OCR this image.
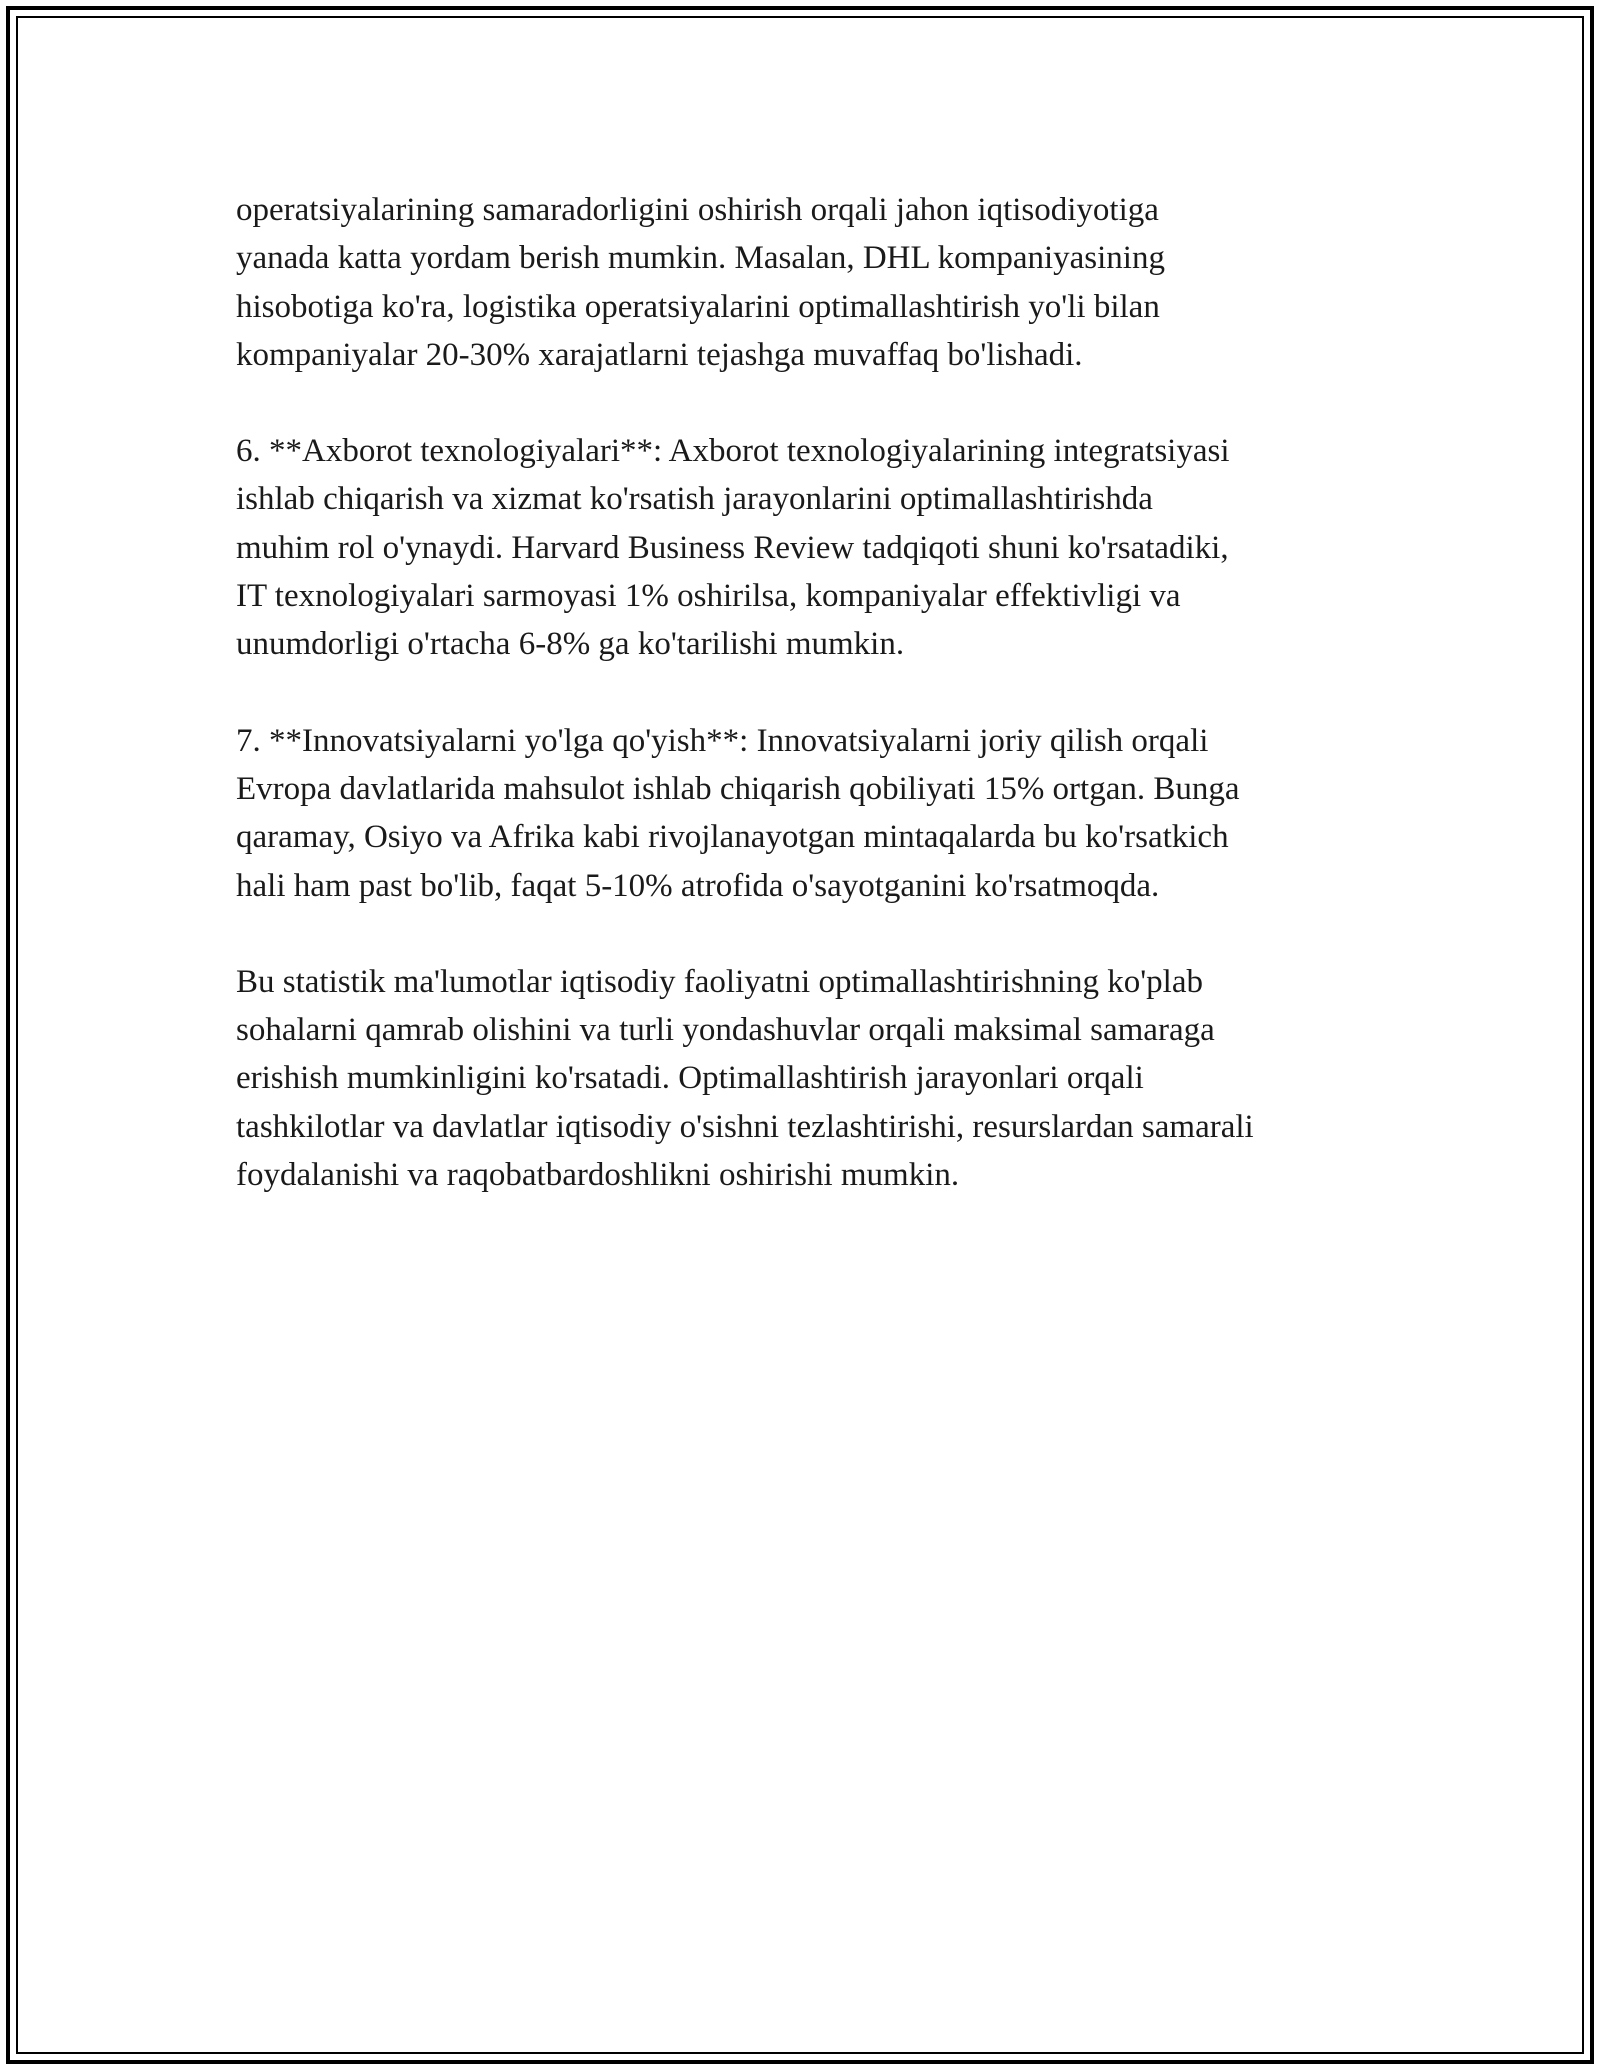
operatsiyalarining samaradorligini oshirish orqali jahon iqtisodiyotiga
yanada katta yordam berish mumkin. Masalan, DHL kompaniyasining
hisobotiga ko'ra, logistika operatsiyalarini optimallashtirish yo'li bilan
kompaniyalar 20-30% xarajatlarni tejashga muvaffaq bo'lishadi.

6. **Axborot texnologiyalari**: Axborot texnologiyalarining integratsiyasi
ishlab chiqarish va xizmat ko'rsatish jarayonlarini optimallashtirishda
muhim rol o'ynaydi. Harvard Business Review tadqiqoti shuni ko'rsatadiki,
IT texnologiyalari sarmoyasi 1% oshirilsa, kompaniyalar effektivligi va
unumdorligi o'rtacha 6-8% ga ko'tarilishi mumkin.

7. **Innovatsiyalarni yo'lga qo'yish**: Innovatsiyalarni joriy qilish orqali
Evropa davlatlarida mahsulot ishlab chiqarish qobiliyati 15% ortgan. Bunga
qaramay, Osiyo va Afrika kabi rivojlanayotgan mintaqalarda bu ko'rsatkich
hali ham past bo'lib, faqat 5-10% atrofida o'sayotganini ko'rsatmoqda.

Bu statistik ma'lumotlar iqtisodiy faoliyatni optimallashtirishning ko'plab
sohalarni qamrab olishini va turli yondashuvlar orqali maksimal samaraga
erishish mumkinligini ko'rsatadi. Optimallashtirish jarayonlari orqali
tashkilotlar va davlatlar iqtisodiy o'sishni tezlashtirishi, resurslardan samarali
foydalanishi va raqobatbardoshlikni oshirishi mumkin.
